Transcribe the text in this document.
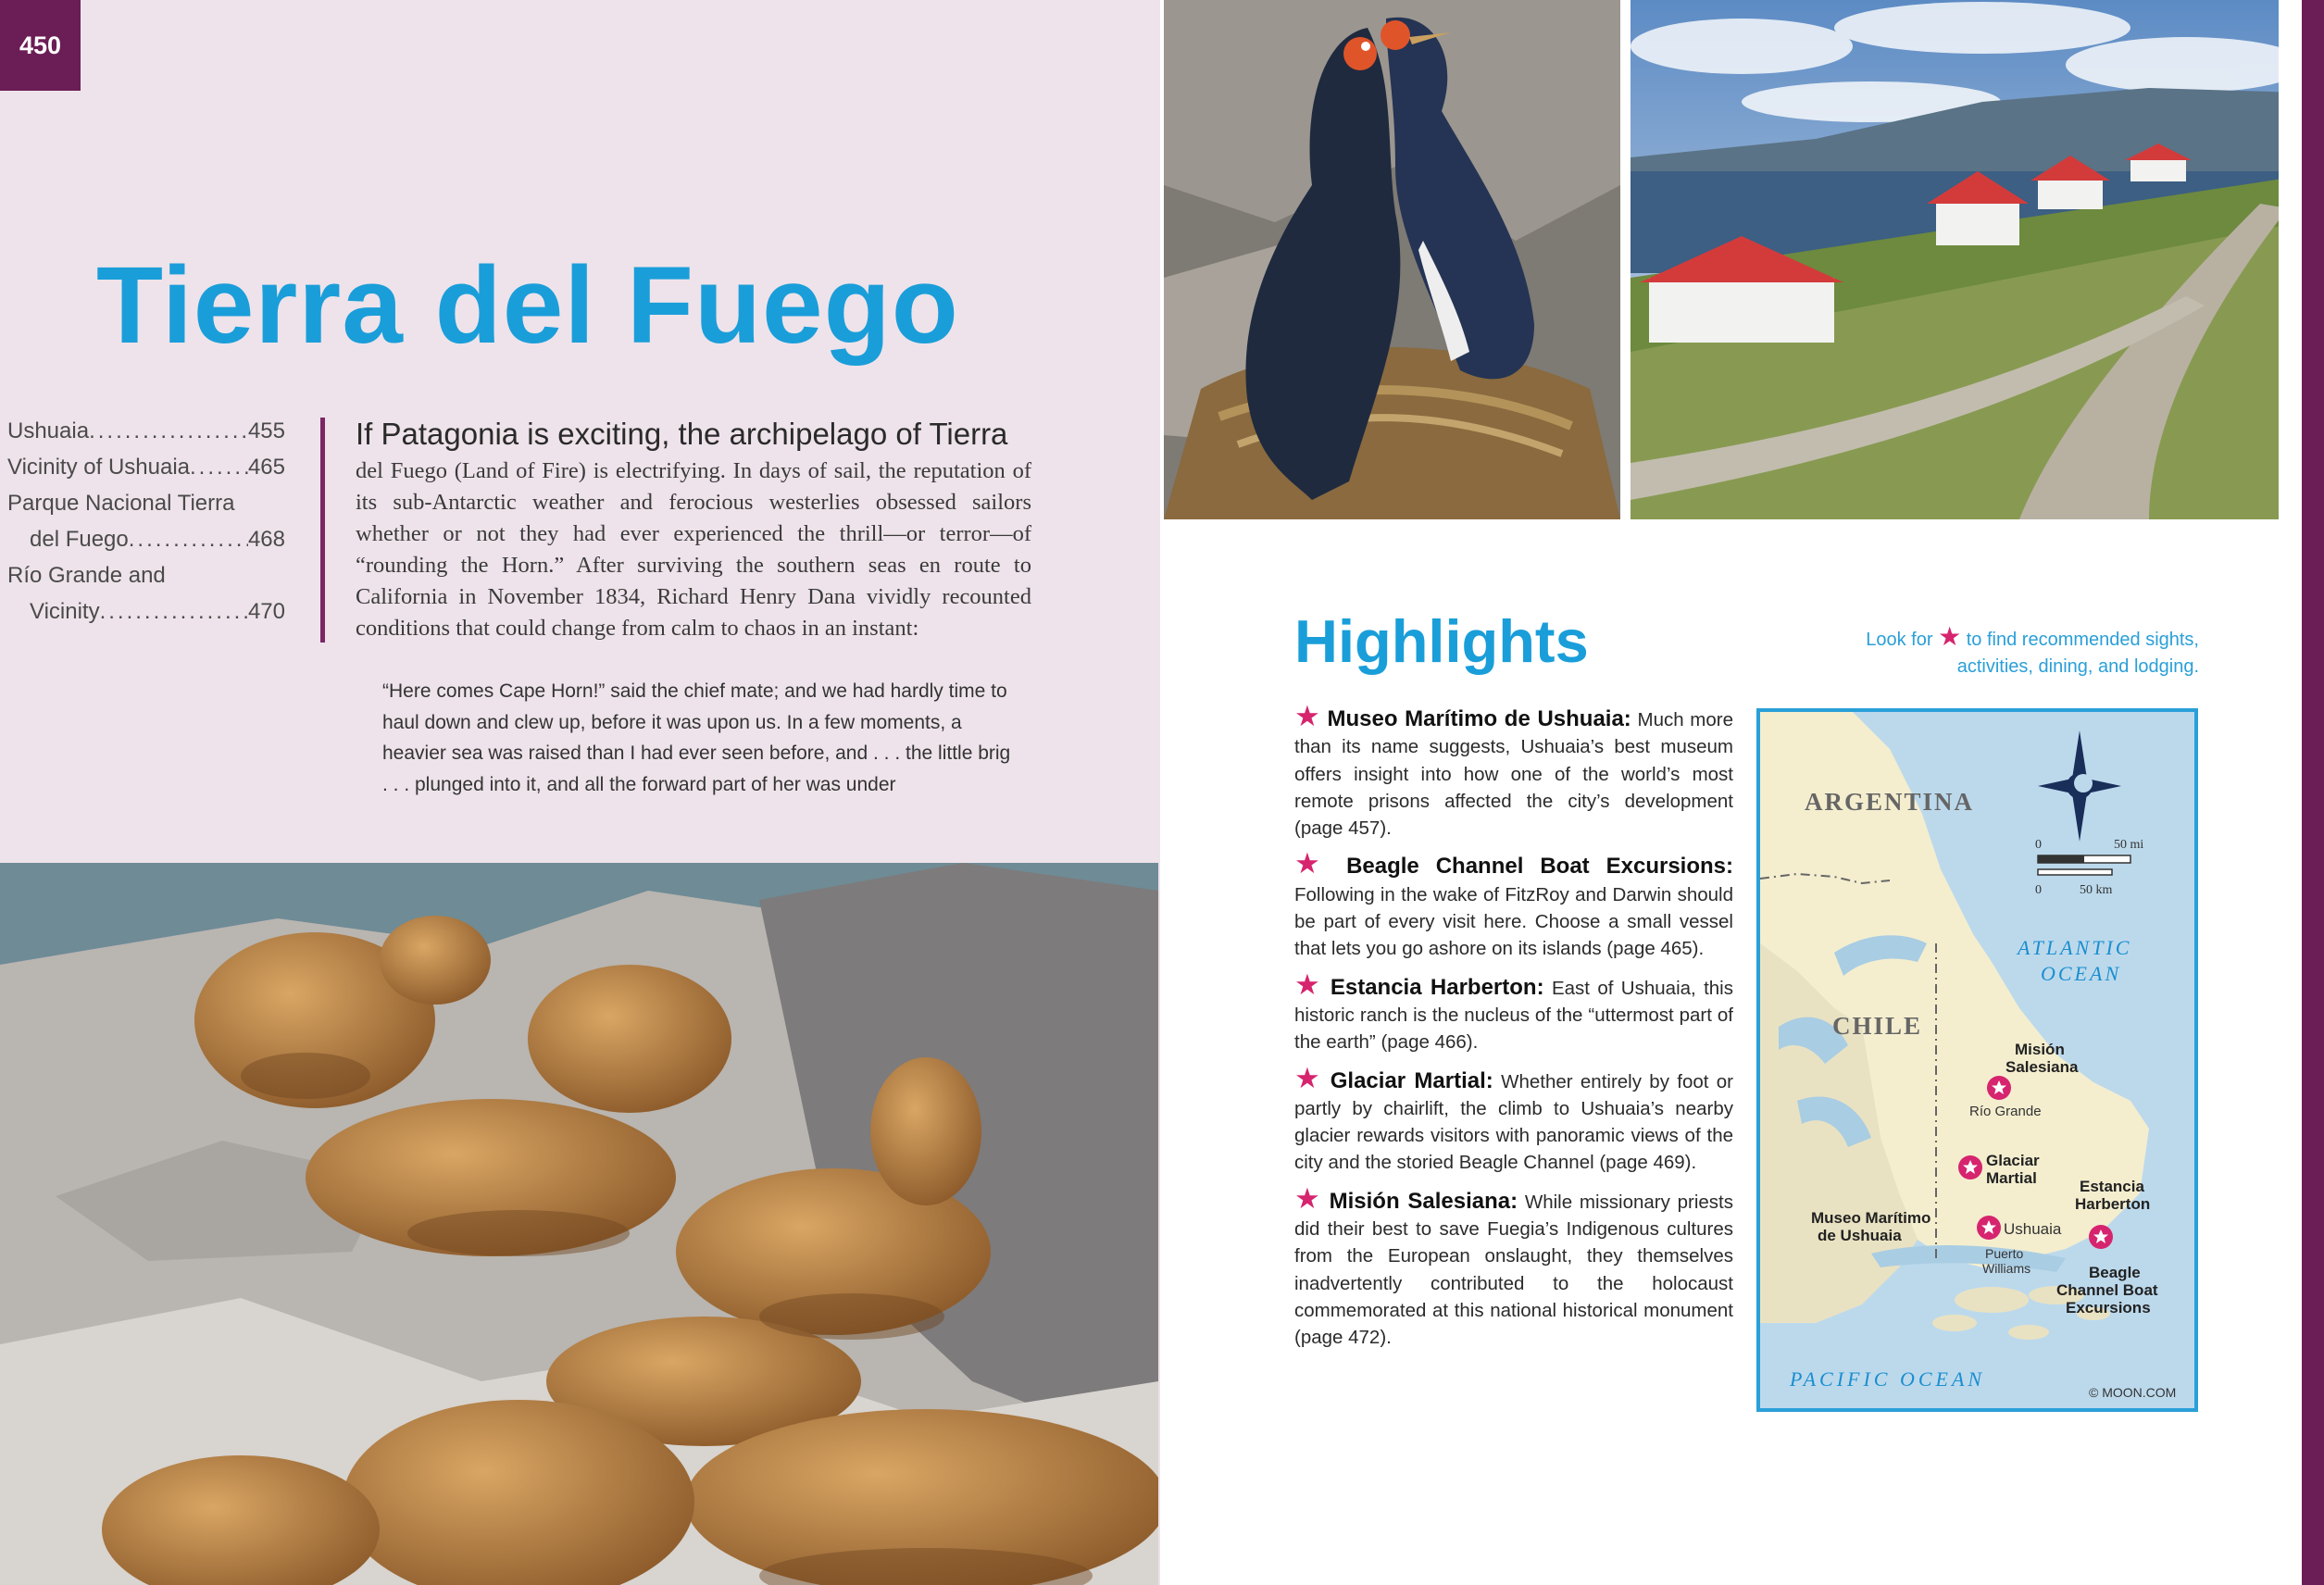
450
Tierra del Fuego
Ushuaia .....	455
Vicinity of Ushuaia .....	465
Parque Nacional Tierra
del Fuego .....	468
Río Grande and
Vicinity .....	470
If Patagonia is exciting, the archipelago of Tierra
del Fuego (Land of Fire) is electrifying. In days of sail, the reputation of its sub-Antarctic weather and ferocious westerlies obsessed sailors whether or not they had ever experienced the thrill—or terror—of “rounding the Horn.” After surviving the southern seas en route to California in November 1834, Richard Henry Dana vividly recounted conditions that could change from calm to chaos in an instant:
“Here comes Cape Horn!” said the chief mate; and we had hardly time to haul down and clew up, before it was upon us. In a few moments, a heavier sea was raised than I had ever seen before, and . . . the little brig . . . plunged into it, and all the forward part of her was under
Highlights	Look for ★ to find recommended sights, activities, dining, and lodging.
★ Museo Marítimo de Ushuaia: Much more than its name suggests, Ushuaia’s best museum offers insight into how one of the world’s most remote prisons affected the city’s development (page 457).
★ Beagle Channel Boat Excursions: Following in the wake of FitzRoy and Darwin should be part of every visit here. Choose a small vessel that lets you go ashore on its islands (page 465).
★ Estancia Harberton: East of Ushuaia, this historic ranch is the nucleus of the “uttermost part of the earth” (page 466).
★ Glaciar Martial: Whether entirely by foot or partly by chairlift, the climb to Ushuaia’s nearby glacier rewards visitors with panoramic views of the city and the storied Beagle Channel (page 469).
★ Misión Salesiana: While missionary priests did their best to save Fuegia’s Indigenous cultures from the European onslaught, they themselves inadvertently contributed to the holocaust commemorated at this national historical monument (page 472).
0	50 mi
0	50 km
ARGENTINA
CHILE
ATLANTIC
OCEAN
PACIFIC OCEAN
© MOON.COM
Misión
Salesiana
Glaciar
Martial	Estancia
Harberton
Museo Marítimo
de Ushuaia
Beagle
Channel Boat
Excursions
Río Grande
Ushuaia
Puerto
Williams
